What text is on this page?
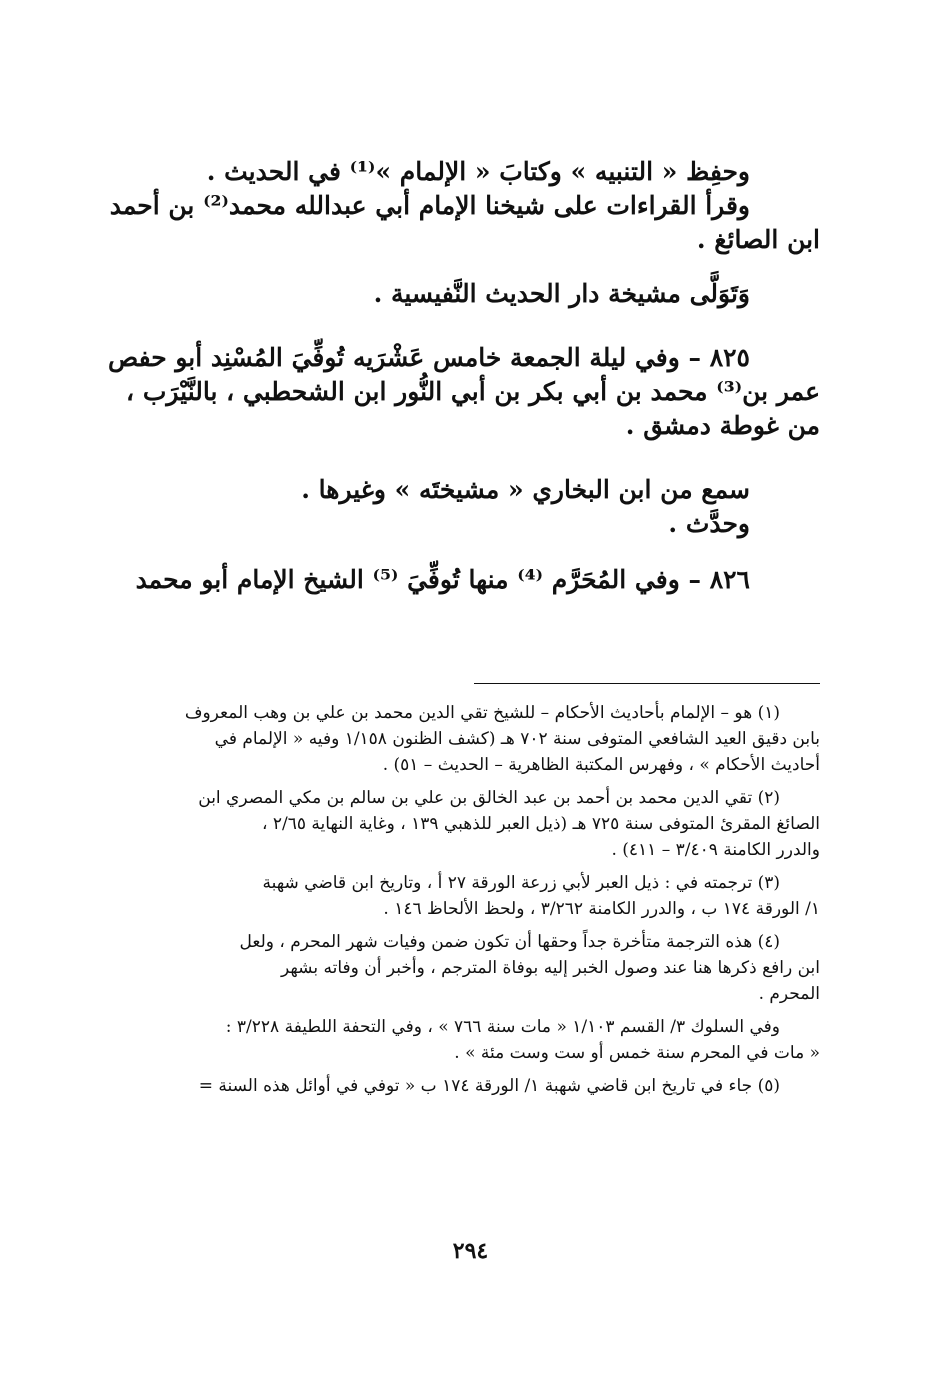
وحفِظ « التنبيه » وكتابَ « الإلمام »⁽¹⁾ في الحديث .
وقرأ القراءات على شيخنا الإمام أبي عبدالله محمد⁽²⁾ بن أحمد
ابن الصائغ .
وَتَوَلَّى مشيخة دار الحديث النَّفيسية .
٨٢٥ – وفي ليلة الجمعة خامس عَشْرَيه تُوفِّيَ المُسْنِد أبو حفص
عمر بن⁽³⁾ محمد بن أبي بكر بن أبي النُّور ابن الشحطبي ، بالنَّيْرَب ،
من غوطة دمشق .
سمع من ابن البخاري « مشيختَه » وغيرها .
وحدَّث .
٨٢٦ – وفي المُحَرَّم ⁽⁴⁾ منها تُوفِّيَ ⁽⁵⁾ الشيخ الإمام أبو محمد
(١) هو – الإلمام بأحاديث الأحكام – للشيخ تقي الدين محمد بن علي بن وهب المعروف
بابن دقيق العيد الشافعي المتوفى سنة ٧٠٢ هـ (كشف الظنون ١/١٥٨ وفيه « الإلمام في
أحاديث الأحكام » ، وفهرس المكتبة الظاهرية – الحديث – ٥١) .
(٢) تقي الدين محمد بن أحمد بن عبد الخالق بن علي بن سالم بن مكي المصري ابن
الصائغ المقرئ المتوفى سنة ٧٢٥ هـ (ذيل العبر للذهبي ١٣٩ ، وغاية النهاية ٢/٦٥ ،
والدرر الكامنة ٣/٤٠٩ – ٤١١) .
(٣) ترجمته في : ذيل العبر لأبي زرعة الورقة ٢٧ أ ، وتاريخ ابن قاضي شهبة
١/ الورقة ١٧٤ ب ، والدرر الكامنة ٣/٢٦٢ ، ولحظ الألحاظ ١٤٦ .
(٤) هذه الترجمة متأخرة جداً وحقها أن تكون ضمن وفيات شهر المحرم ، ولعل
ابن رافع ذكرها هنا عند وصول الخبر إليه بوفاة المترجم ، وأخبر أن وفاته بشهر
المحرم .
وفي السلوك ٣/ القسم ١/١٠٣ « مات سنة ٧٦٦ » ، وفي التحفة اللطيفة ٣/٢٢٨ :
« مات في المحرم سنة خمس أو ست وست مئة » .
(٥) جاء في تاريخ ابن قاضي شهبة ١/ الورقة ١٧٤ ب « توفي في أوائل هذه السنة =
٢٩٤
